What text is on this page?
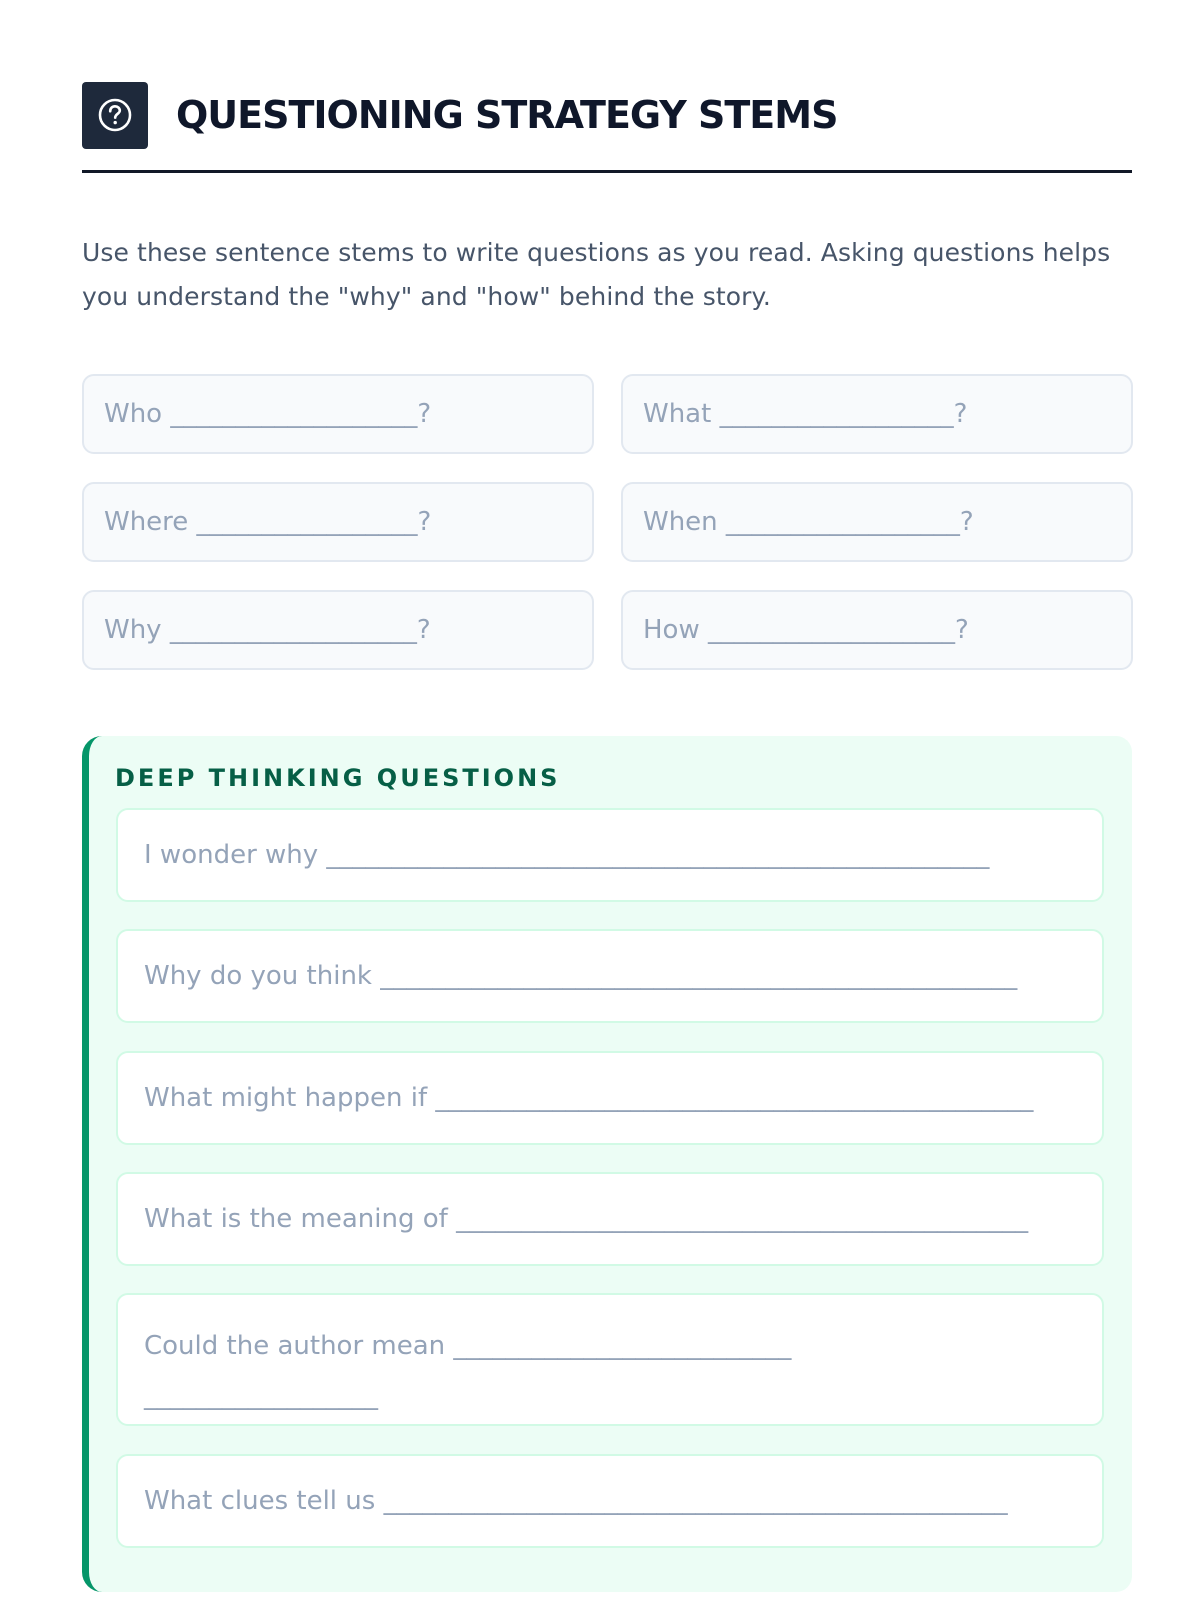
QUESTIONING STRATEGY STEMS
Use these sentence stems to write questions as you read. Asking questions helps you understand the "why" and "how" behind the story.
Who ___________________?	What __________________?
Where _________________?	When __________________?
Why ___________________?	How ___________________?
DEEP THINKING QUESTIONS
I wonder why ___________________________________________________
Why do you think _________________________________________________
What might happen if ______________________________________________
What is the meaning of ____________________________________________
Could the author mean ____________________________________________
What clues tell us ________________________________________________
